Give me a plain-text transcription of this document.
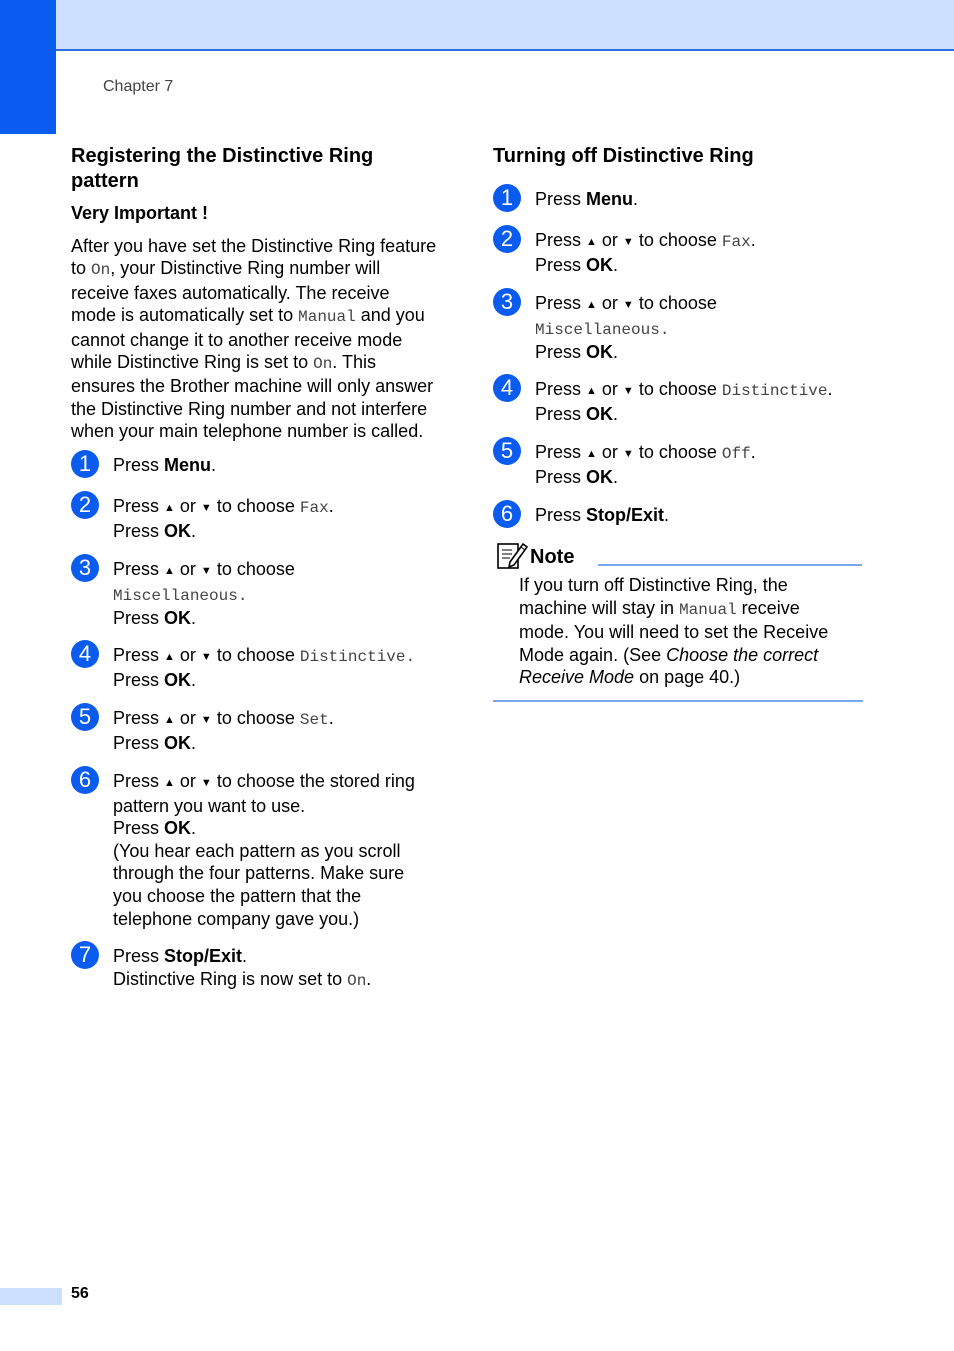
Chapter 7
Registering the Distinctive Ring
pattern
Very Important !

After you have set the Distinctive Ring feature
to On, your Distinctive Ring number will
receive faxes automatically. The receive
mode is automatically set to Manual and you
cannot change it to another receive mode
while Distinctive Ring is set to On. This
ensures the Brother machine will only answer
the Distinctive Ring number and not interfere
when your main telephone number is called.

1	Press Menu.
2	Press ▲ or ▼ to choose Fax.
Press OK.
3	Press ▲ or ▼ to choose
Miscellaneous.
Press OK.
4	Press ▲ or ▼ to choose Distinctive.
Press OK.
5	Press ▲ or ▼ to choose Set.
Press OK.
6	Press ▲ or ▼ to choose the stored ring
pattern you want to use.
Press OK.
(You hear each pattern as you scroll
through the four patterns. Make sure
you choose the pattern that the
telephone company gave you.)
7	Press Stop/Exit.
Distinctive Ring is now set to On.
Turning off Distinctive Ring
1	Press Menu.
2	Press ▲ or ▼ to choose Fax.
Press OK.
3	Press ▲ or ▼ to choose
Miscellaneous.
Press OK.
4	Press ▲ or ▼ to choose Distinctive.
Press OK.
5	Press ▲ or ▼ to choose Off.
Press OK.
6	Press Stop/Exit.
Note
If you turn off Distinctive Ring, the
machine will stay in Manual receive
mode. You will need to set the Receive
Mode again. (See Choose the correct
Receive Mode on page 40.)
56
